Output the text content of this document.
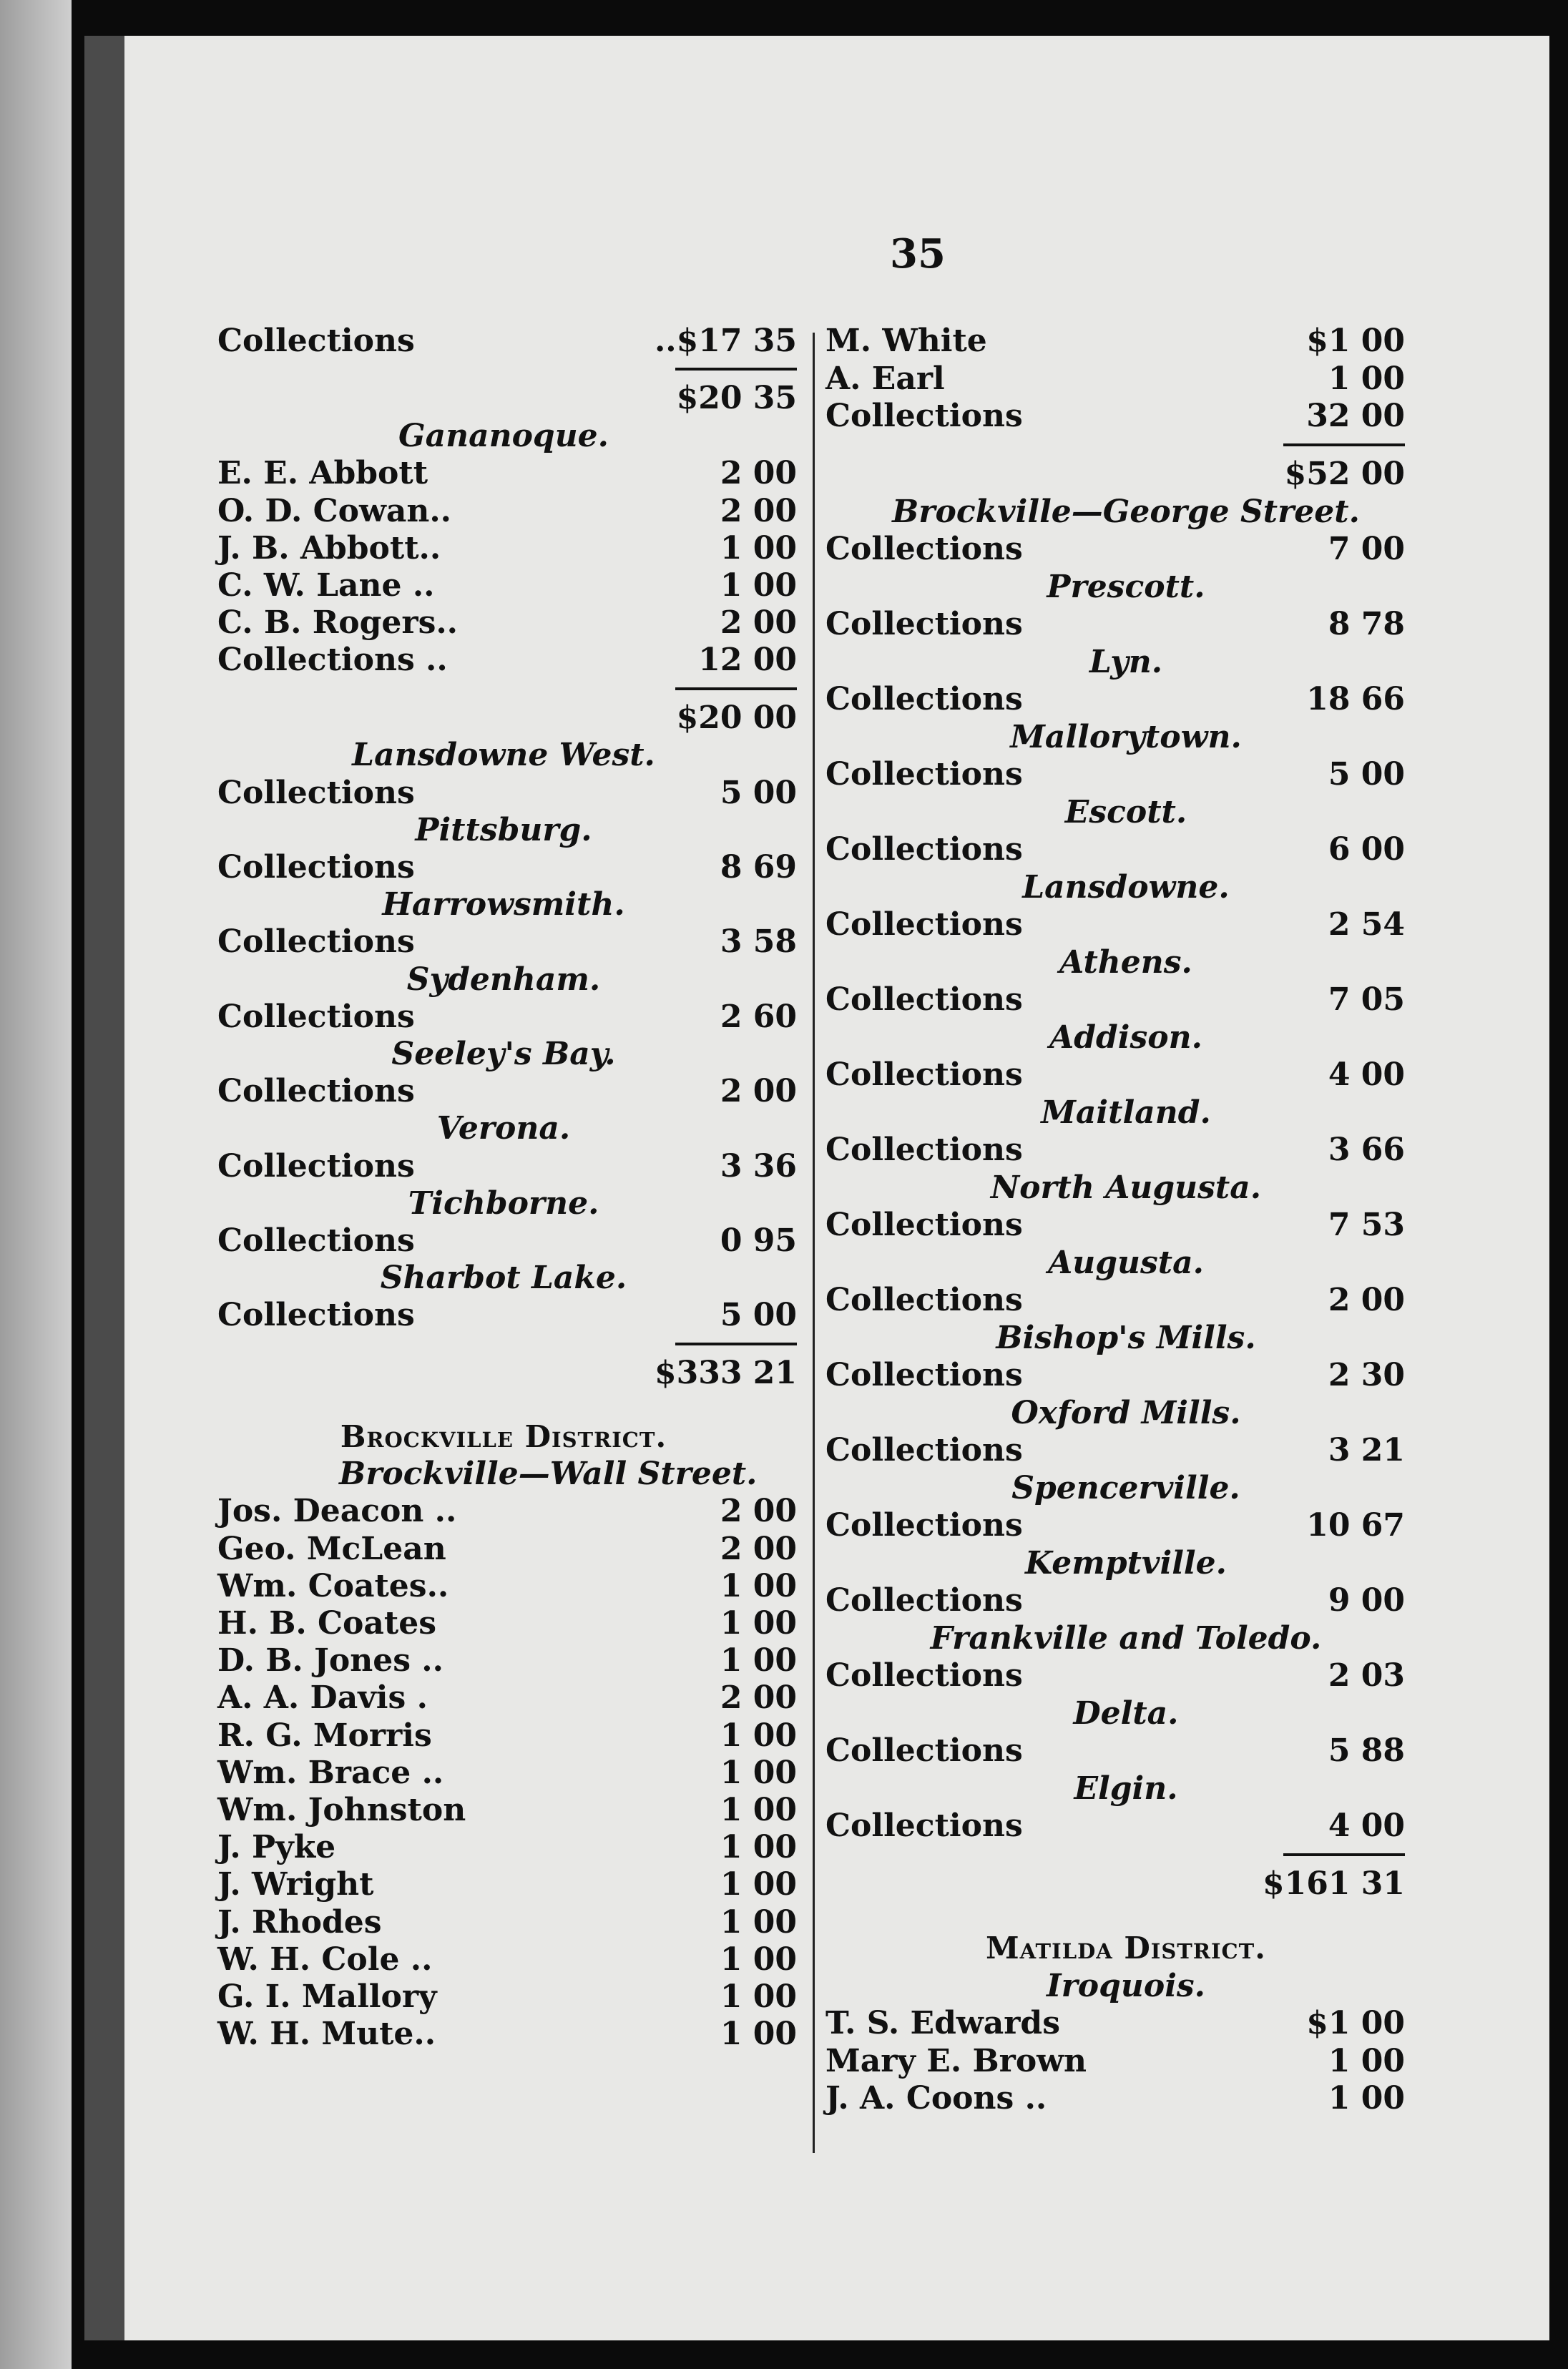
35
Collections	..$17 35
$20 35
Gananoque.
E. E. Abbott	2 00
O. D. Cowan..	2 00
J. B. Abbott..	1 00
C. W. Lane ..	1 00
C. B. Rogers..	2 00
Collections ..	12 00
$20 00
Lansdowne West.
Collections	5 00
Pittsburg.
Collections	8 69
Harrowsmith.
Collections	3 58
Sydenham.
Collections	2 60
Seeley's Bay.
Collections	2 00
Verona.
Collections	3 36
Tichborne.
Collections	0 95
Sharbot Lake.
Collections	5 00
$333 21
Brockville District.
Brockville—Wall Street.
Jos. Deacon ..	2 00
Geo. McLean	2 00
Wm. Coates..	1 00
H. B. Coates	1 00
D. B. Jones ..	1 00
A. A. Davis .	2 00
R. G. Morris	1 00
Wm. Brace ..	1 00
Wm. Johnston	1 00
J. Pyke	1 00
J. Wright	1 00
J. Rhodes	1 00
W. H. Cole ..	1 00
G. I. Mallory	1 00
W. H. Mute..	1 00
M. White	$1 00
A. Earl	1 00
Collections	32 00
$52 00
Brockville—George Street.
Collections	7 00
Prescott.
Collections	8 78
Lyn.
Collections	18 66
Mallorytown.
Collections	5 00
Escott.
Collections	6 00
Lansdowne.
Collections	2 54
Athens.
Collections	7 05
Addison.
Collections	4 00
Maitland.
Collections	3 66
North Augusta.
Collections	7 53
Augusta.
Collections	2 00
Bishop's Mills.
Collections	2 30
Oxford Mills.
Collections	3 21
Spencerville.
Collections	10 67
Kemptville.
Collections	9 00
Frankville and Toledo.
Collections	2 03
Delta.
Collections	5 88
Elgin.
Collections	4 00
$161 31
Matilda District.
Iroquois.
T. S. Edwards	$1 00
Mary E. Brown	1 00
J. A. Coons ..	1 00
